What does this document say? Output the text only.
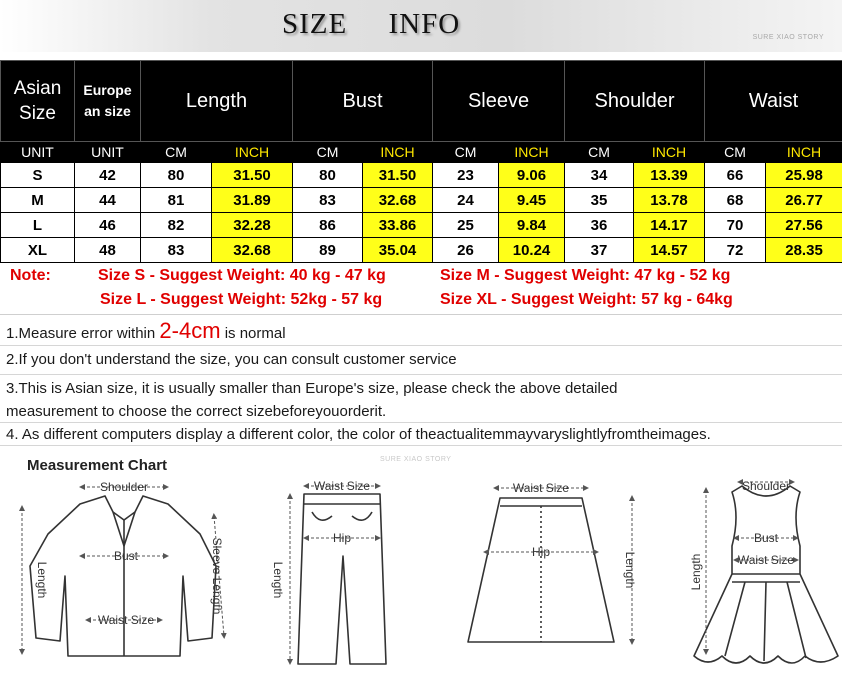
SIZE     INFO	SURE XIAO STORY
Asian Size	Europe an size	Length		Bust		Sleeve		Shoulder		Waist	
UNIT	UNIT	CM	INCH	CM	INCH	CM	INCH	CM	INCH	CM	INCH
S	42	80	31.50	80	31.50	23	9.06	34	13.39	66	25.98
M	44	81	31.89	83	32.68	24	9.45	35	13.78	68	26.77
L	46	82	32.28	86	33.86	25	9.84	36	14.17	70	27.56
XL	48	83	32.68	89	35.04	26	10.24	37	14.57	72	28.35
Note:	Size S - Suggest Weight: 40 kg - 47 kg	Size M - Suggest Weight: 47 kg - 52 kg
Size L - Suggest Weight: 52kg - 57 kg	Size XL - Suggest Weight: 57 kg - 64kg
1.Measure error within 2-4cm is normal
2.If you don't understand the size, you can consult customer service
3.This is Asian size, it is usually smaller than Europe's size, please check the above detailed
measurement to choose the correct sizebeforeyouorderit.
4. As different computers display a different color, the color of theactualitemmayvaryslightlyfromtheimages.
Measurement Chart	SURE XIAO STORY
Shoulder
Bust
Waist Size
Length	Sleeve Length
Waist Size
Hip
Length
Waist Size
Hip	Length
Shoulder
Bust
Waist Size
Length
